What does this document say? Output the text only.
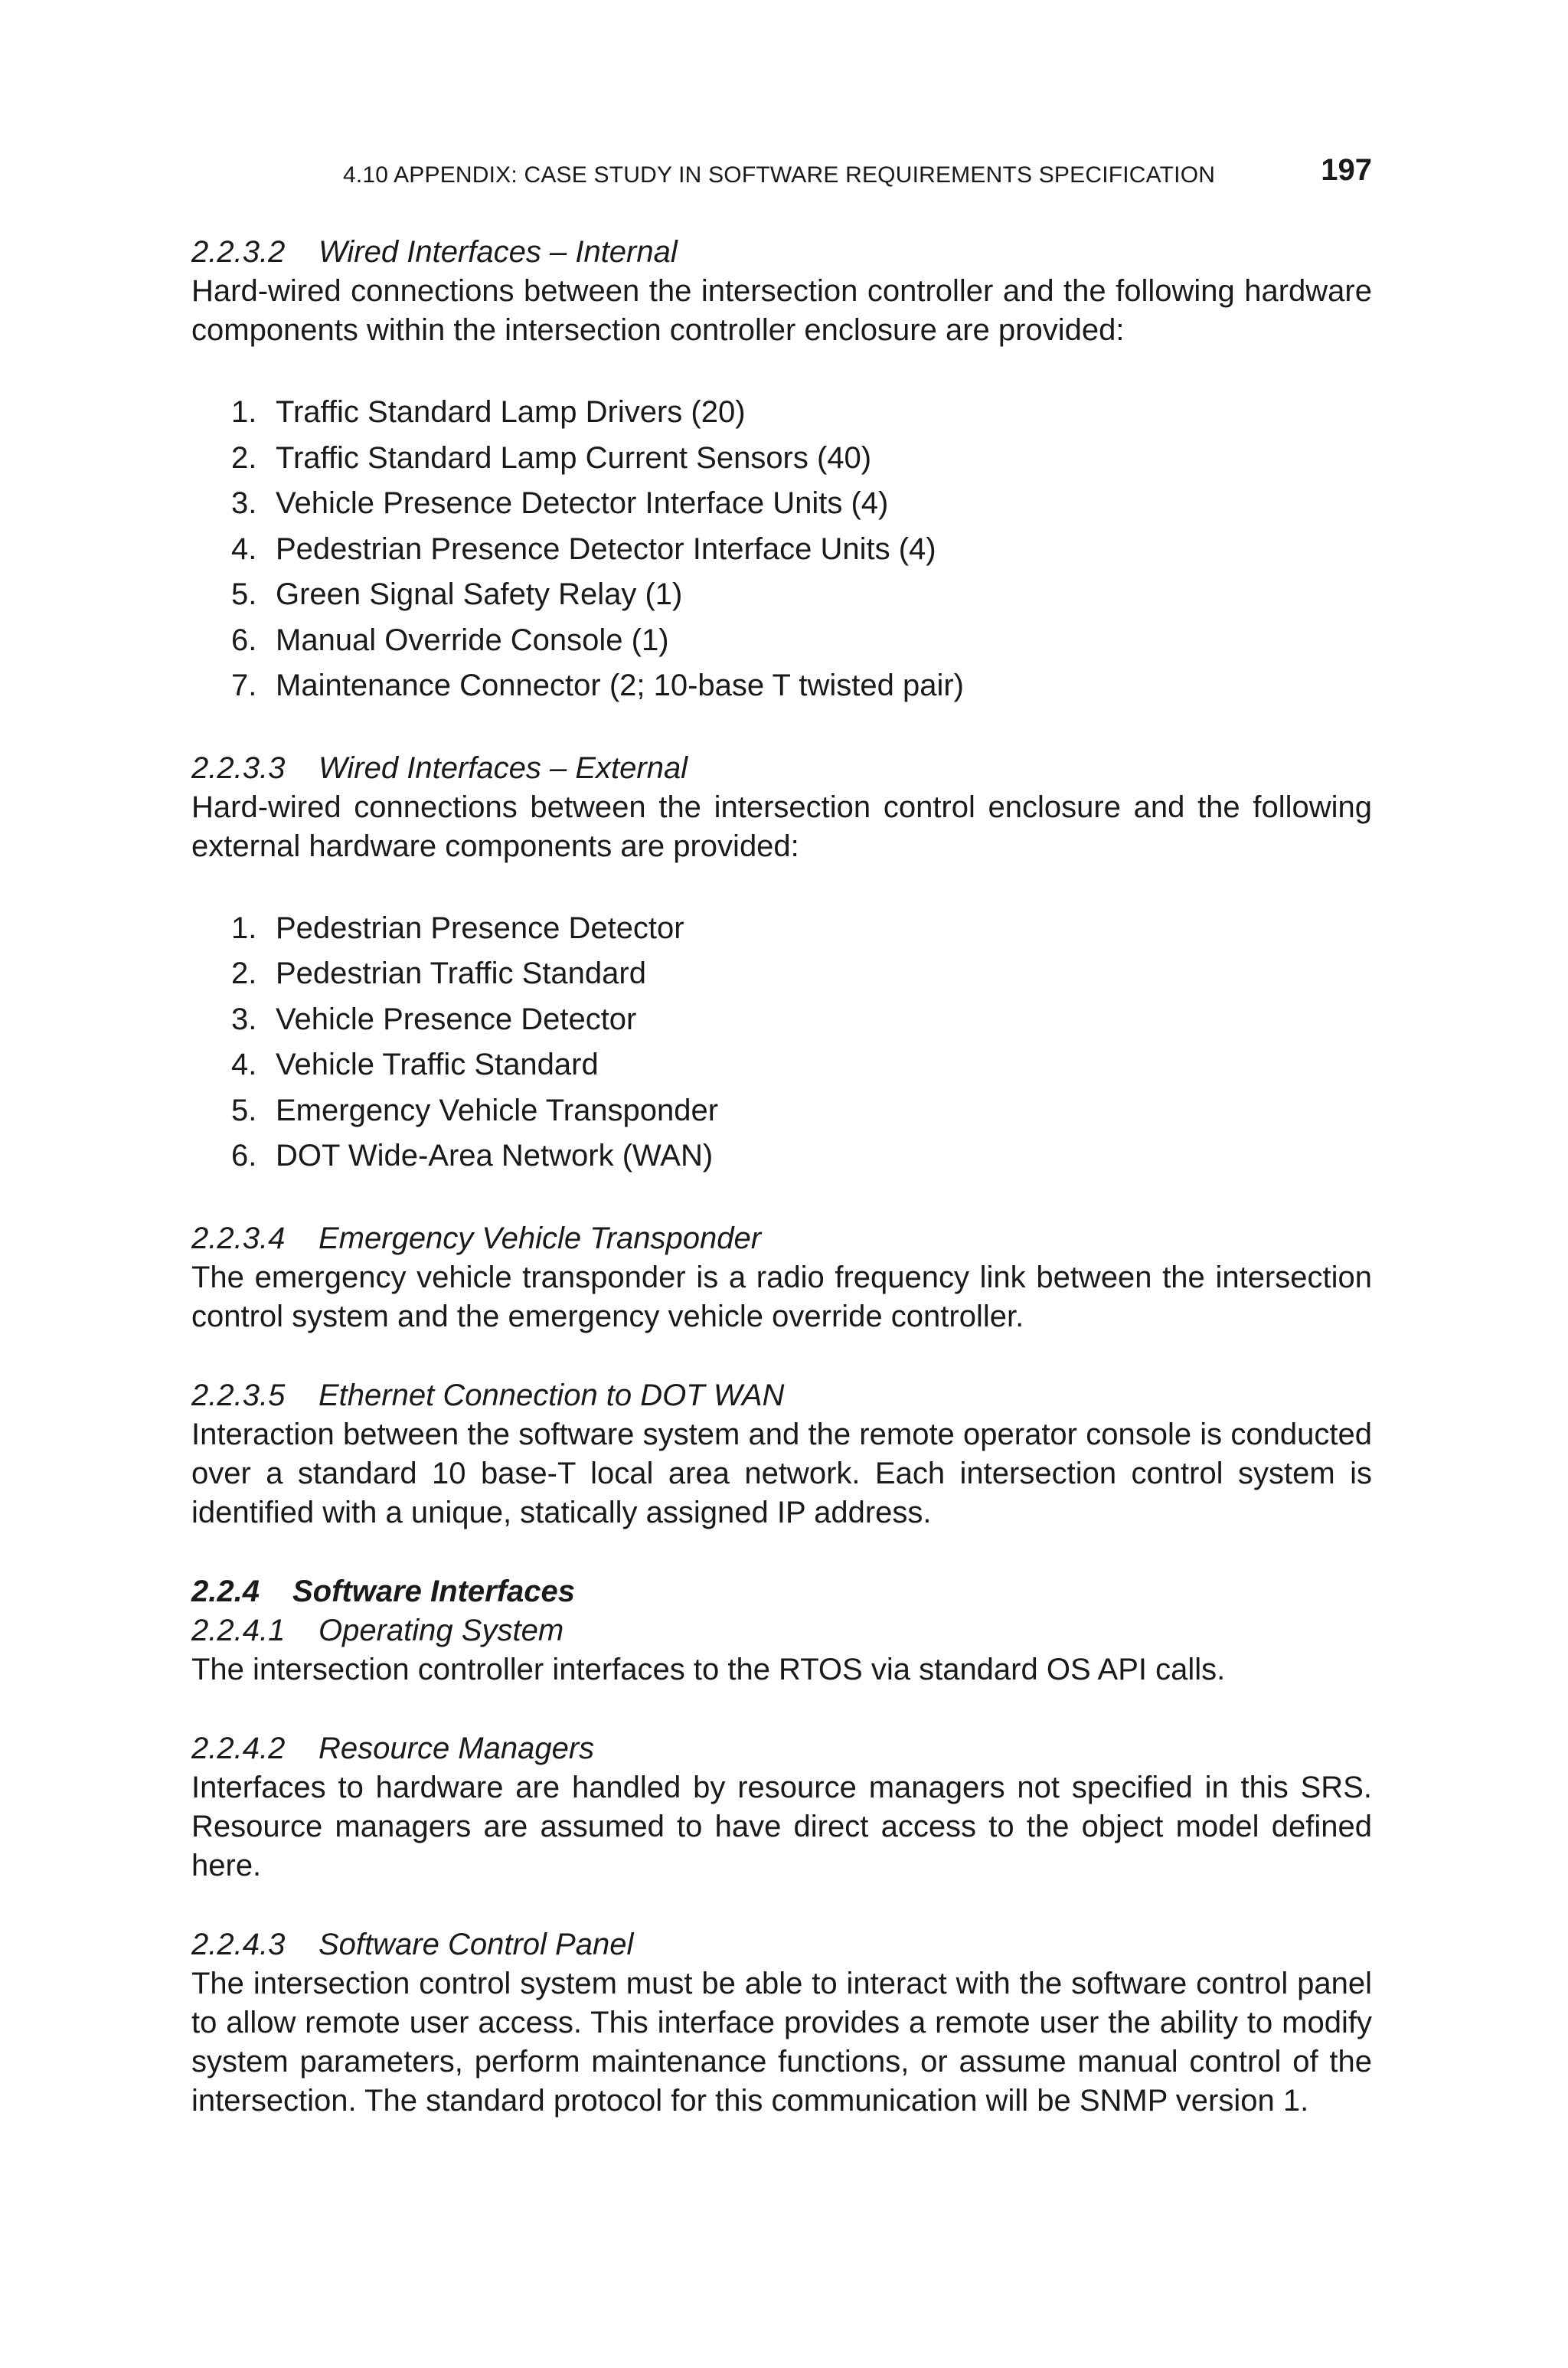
4.10 APPENDIX: CASE STUDY IN SOFTWARE REQUIREMENTS SPECIFICATION	197
2.2.3.2 Wired Interfaces – Internal

Hard-wired connections between the intersection controller and the following hardware components within the intersection controller enclosure are provided:

1. Traffic Standard Lamp Drivers (20)
2. Traffic Standard Lamp Current Sensors (40)
3. Vehicle Presence Detector Interface Units (4)
4. Pedestrian Presence Detector Interface Units (4)
5. Green Signal Safety Relay (1)
6. Manual Override Console (1)
7. Maintenance Connector (2; 10-base T twisted pair)
2.2.3.3 Wired Interfaces – External

Hard-wired connections between the intersection control enclosure and the following external hardware components are provided:

1. Pedestrian Presence Detector
2. Pedestrian Traffic Standard
3. Vehicle Presence Detector
4. Vehicle Traffic Standard
5. Emergency Vehicle Transponder
6. DOT Wide-Area Network (WAN)
2.2.3.4 Emergency Vehicle Transponder

The emergency vehicle transponder is a radio frequency link between the intersection control system and the emergency vehicle override controller.

2.2.3.5 Ethernet Connection to DOT WAN

Interaction between the software system and the remote operator console is conducted over a standard 10 base-T local area network. Each intersection control system is identified with a unique, statically assigned IP address.

2.2.4 Software Interfaces
2.2.4.1 Operating System

The intersection controller interfaces to the RTOS via standard OS API calls.

2.2.4.2 Resource Managers

Interfaces to hardware are handled by resource managers not specified in this SRS. Resource managers are assumed to have direct access to the object model defined here.

2.2.4.3 Software Control Panel

The intersection control system must be able to interact with the software control panel to allow remote user access. This interface provides a remote user the ability to modify system parameters, perform maintenance functions, or assume manual control of the intersection. The standard protocol for this communication will be SNMP version 1.
